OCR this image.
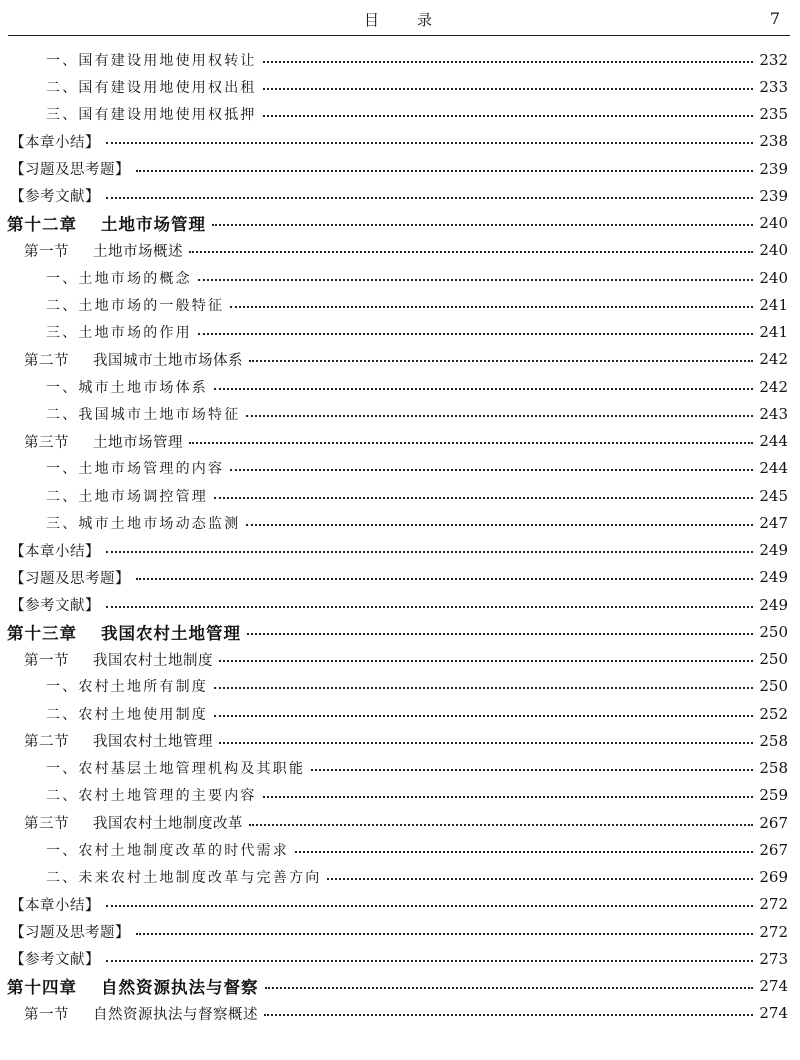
目录	7
一、国有建设用地使用权转让	232
二、国有建设用地使用权出租	233
三、国有建设用地使用权抵押	235
【本章小结】	238
【习题及思考题】	239
【参考文献】	239
第十二章 土地市场管理	240
第一节 土地市场概述	240
一、土地市场的概念	240
二、土地市场的一般特征	241
三、土地市场的作用	241
第二节 我国城市土地市场体系	242
一、城市土地市场体系	242
二、我国城市土地市场特征	243
第三节 土地市场管理	244
一、土地市场管理的内容	244
二、土地市场调控管理	245
三、城市土地市场动态监测	247
【本章小结】	249
【习题及思考题】	249
【参考文献】	249
第十三章 我国农村土地管理	250
第一节 我国农村土地制度	250
一、农村土地所有制度	250
二、农村土地使用制度	252
第二节 我国农村土地管理	258
一、农村基层土地管理机构及其职能	258
二、农村土地管理的主要内容	259
第三节 我国农村土地制度改革	267
一、农村土地制度改革的时代需求	267
二、未来农村土地制度改革与完善方向	269
【本章小结】	272
【习题及思考题】	272
【参考文献】	273
第十四章 自然资源执法与督察	274
第一节 自然资源执法与督察概述	274
